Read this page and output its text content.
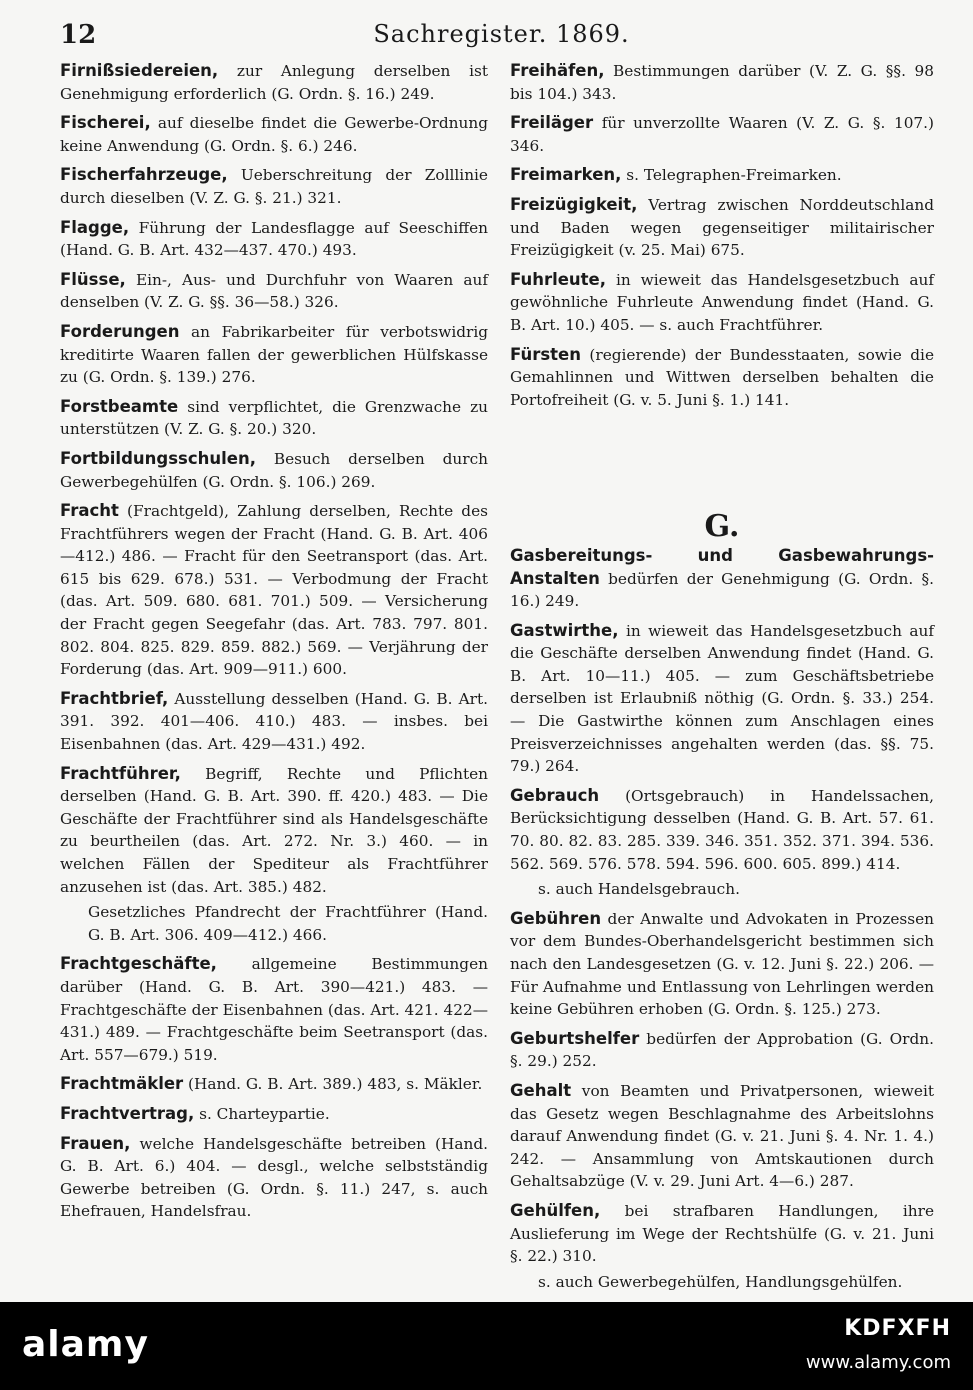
12	Sachregister. 1869.
Firnißsiedereien, zur Anlegung derselben ist Genehmigung erforderlich (G. Ordn. §. 16.) 249.
Fischerei, auf dieselbe findet die Gewerbe-Ordnung keine Anwendung (G. Ordn. §. 6.) 246.
Fischerfahrzeuge, Ueberschreitung der Zolllinie durch dieselben (V. Z. G. §. 21.) 321.
Flagge, Führung der Landesflagge auf Seeschiffen (Hand. G. B. Art. 432—437. 470.) 493.
Flüsse, Ein-, Aus- und Durchfuhr von Waaren auf denselben (V. Z. G. §§. 36—58.) 326.
Forderungen an Fabrikarbeiter für verbotswidrig kreditirte Waaren fallen der gewerblichen Hülfskasse zu (G. Ordn. §. 139.) 276.
Forstbeamte sind verpflichtet, die Grenzwache zu unterstützen (V. Z. G. §. 20.) 320.
Fortbildungsschulen, Besuch derselben durch Gewerbegehülfen (G. Ordn. §. 106.) 269.
Fracht (Frachtgeld), Zahlung derselben, Rechte des Frachtführers wegen der Fracht (Hand. G. B. Art. 406—412.) 486. — Fracht für den Seetransport (das. Art. 615 bis 629. 678.) 531. — Verbodmung der Fracht (das. Art. 509. 680. 681. 701.) 509. — Versicherung der Fracht gegen Seegefahr (das. Art. 783. 797. 801. 802. 804. 825. 829. 859. 882.) 569. — Verjährung der Forderung (das. Art. 909—911.) 600.
Frachtbrief, Ausstellung desselben (Hand. G. B. Art. 391. 392. 401—406. 410.) 483. — insbes. bei Eisenbahnen (das. Art. 429—431.) 492.
Frachtführer, Begriff, Rechte und Pflichten derselben (Hand. G. B. Art. 390. ff. 420.) 483. — Die Geschäfte der Frachtführer sind als Handelsgeschäfte zu beurtheilen (das. Art. 272. Nr. 3.) 460. — in welchen Fällen der Spediteur als Frachtführer anzusehen ist (das. Art. 385.) 482.
Gesetzliches Pfandrecht der Frachtführer (Hand. G. B. Art. 306. 409—412.) 466.
Frachtgeschäfte, allgemeine Bestimmungen darüber (Hand. G. B. Art. 390—421.) 483. — Frachtgeschäfte der Eisenbahnen (das. Art. 421. 422—431.) 489. — Frachtgeschäfte beim Seetransport (das. Art. 557—679.) 519.
Frachtmäkler (Hand. G. B. Art. 389.) 483, s. Mäkler.
Frachtvertrag, s. Charteypartie.
Frauen, welche Handelsgeschäfte betreiben (Hand. G. B. Art. 6.) 404. — desgl., welche selbstständig Gewerbe betreiben (G. Ordn. §. 11.) 247, s. auch Ehefrauen, Handelsfrau.
Freihäfen, Bestimmungen darüber (V. Z. G. §§. 98 bis 104.) 343.
Freiläger für unverzollte Waaren (V. Z. G. §. 107.) 346.
Freimarken, s. Telegraphen-Freimarken.
Freizügigkeit, Vertrag zwischen Norddeutschland und Baden wegen gegenseitiger militairischer Freizügigkeit (v. 25. Mai) 675.
Fuhrleute, in wieweit das Handelsgesetzbuch auf gewöhnliche Fuhrleute Anwendung findet (Hand. G. B. Art. 10.) 405. — s. auch Frachtführer.
Fürsten (regierende) der Bundesstaaten, sowie die Gemahlinnen und Wittwen derselben behalten die Portofreiheit (G. v. 5. Juni §. 1.) 141.
G.
Gasbereitungs- und Gasbewahrungs-Anstalten bedürfen der Genehmigung (G. Ordn. §. 16.) 249.
Gastwirthe, in wieweit das Handelsgesetzbuch auf die Geschäfte derselben Anwendung findet (Hand. G. B. Art. 10—11.) 405. — zum Geschäftsbetriebe derselben ist Erlaubniß nöthig (G. Ordn. §. 33.) 254. — Die Gastwirthe können zum Anschlagen eines Preisverzeichnisses angehalten werden (das. §§. 75. 79.) 264.
Gebrauch (Ortsgebrauch) in Handelssachen, Berücksichtigung desselben (Hand. G. B. Art. 57. 61. 70. 80. 82. 83. 285. 339. 346. 351. 352. 371. 394. 536. 562. 569. 576. 578. 594. 596. 600. 605. 899.) 414.
s. auch Handelsgebrauch.
Gebühren der Anwalte und Advokaten in Prozessen vor dem Bundes-Oberhandelsgericht bestimmen sich nach den Landesgesetzen (G. v. 12. Juni §. 22.) 206. — Für Aufnahme und Entlassung von Lehrlingen werden keine Gebühren erhoben (G. Ordn. §. 125.) 273.
Geburtshelfer bedürfen der Approbation (G. Ordn. §. 29.) 252.
Gehalt von Beamten und Privatpersonen, wieweit das Gesetz wegen Beschlagnahme des Arbeitslohns darauf Anwendung findet (G. v. 21. Juni §. 4. Nr. 1. 4.) 242. — Ansammlung von Amtskautionen durch Gehaltsabzüge (V. v. 29. Juni Art. 4—6.) 287.
Gehülfen, bei strafbaren Handlungen, ihre Auslieferung im Wege der Rechtshülfe (G. v. 21. Juni §. 22.) 310.
s. auch Gewerbegehülfen, Handlungsgehülfen.
alamy	KDFXFH
www.alamy.com
